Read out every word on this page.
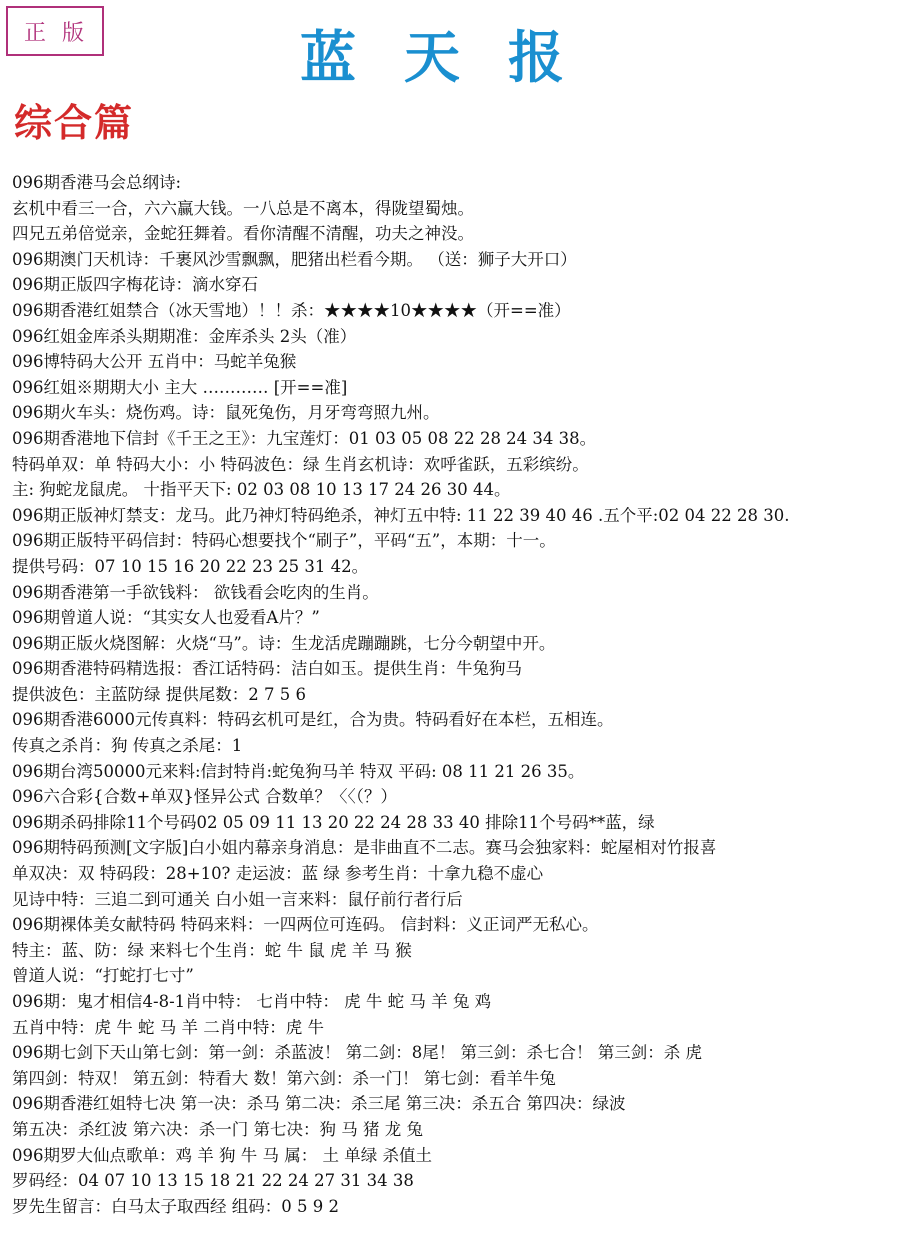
正版	蓝天报
综合篇
096期香港马会总纲诗:
玄机中看三一合，六六赢大钱。一八总是不离本，得陇望蜀烛。
四兄五弟倍觉亲，金蛇狂舞着。看你清醒不清醒，功夫之神没。
096期澳门天机诗：千裹风沙雪飘飘，肥猪出栏看今期。 （送：狮子大开口）
096期正版四字梅花诗：滴水穿石
096期香港红姐禁合（冰天雪地）！！杀：★★★★10★★★★（开==准）
096红姐金库杀头期期准：金库杀头 2头（准）
096博特码大公开 五肖中：马蛇羊兔猴
096红姐※期期大小 主大 ………… [开==准]
096期火车头：烧伤鸡。诗：鼠死兔伤，月牙弯弯照九州。
096期香港地下信封《千王之王》：九宝莲灯：01 03 05 08 22 28 24 34 38。
特码单双：单 特码大小：小 特码波色：绿 生肖玄机诗：欢呼雀跃，五彩缤纷。
主: 狗蛇龙鼠虎。 十指平天下: 02 03 08 10 13 17 24 26 30 44。
096期正版神灯禁支：龙马。此乃神灯特码绝杀，神灯五中特: 11 22 39 40 46 .五个平:02 04 22 28 30.
096期正版特平码信封：特码心想要找个“刷子”，平码“五”，本期：十一。
提供号码：07 10 15 16 20 22 23 25 31 42。
096期香港第一手欲钱料： 欲钱看会吃肉的生肖。
096期曾道人说：“其实女人也爱看A片？”
096期正版火烧图解：火烧“马”。诗：生龙活虎蹦蹦跳，七分今朝望中开。
096期香港特码精选报：香江话特码：洁白如玉。提供生肖：牛兔狗马
提供波色：主蓝防绿 提供尾数：2 7 5 6
096期香港6000元传真料：特码玄机可是红，合为贵。特码看好在本栏，五相连。
传真之杀肖：狗 传真之杀尾：1
096期台湾50000元来料:信封特肖:蛇兔狗马羊 特双 平码: 08 11 21 26 35。
096六合彩{合数+单双}怪异公式 合数单？〈〈（？）
096期杀码排除11个号码02 05 09 11 13 20 22 24 28 33 40 排除11个号码**蓝，绿
096期特码预测[文字版]白小姐内幕亲身消息：是非曲直不二志。赛马会独家料：蛇屋相对竹报喜
单双决：双 特码段：28+10? 走运波：蓝 绿 参考生肖：十拿九稳不虚心
见诗中特：三追二到可通关 白小姐一言来料：鼠仔前行者行后
096期裸体美女献特码 特码来料：一四两位可连码。 信封料：义正词严无私心。
特主：蓝、防：绿 来料七个生肖：蛇 牛 鼠 虎 羊 马 猴
曾道人说：“打蛇打七寸”
096期：鬼才相信4-8-1肖中特： 七肖中特： 虎 牛 蛇 马 羊 兔 鸡
五肖中特：虎 牛 蛇 马 羊 二肖中特：虎 牛
096期七剑下天山第七剑：第一剑：杀蓝波！ 第二剑：8尾！ 第三剑：杀七合！ 第三剑：杀 虎
第四剑：特双！ 第五剑：特看大 数！第六剑：杀一门！ 第七剑：看羊牛兔
096期香港红姐特七决 第一决：杀马 第二决：杀三尾 第三决：杀五合 第四决：绿波
第五决：杀红波 第六决：杀一门 第七决：狗 马 猪 龙 兔
096期罗大仙点歌单：鸡 羊 狗 牛 马 属： 土 单绿 杀值土
罗码经：04 07 10 13 15 18 21 22 24 27 31 34 38
罗先生留言：白马太子取西经 组码：0 5 9 2
